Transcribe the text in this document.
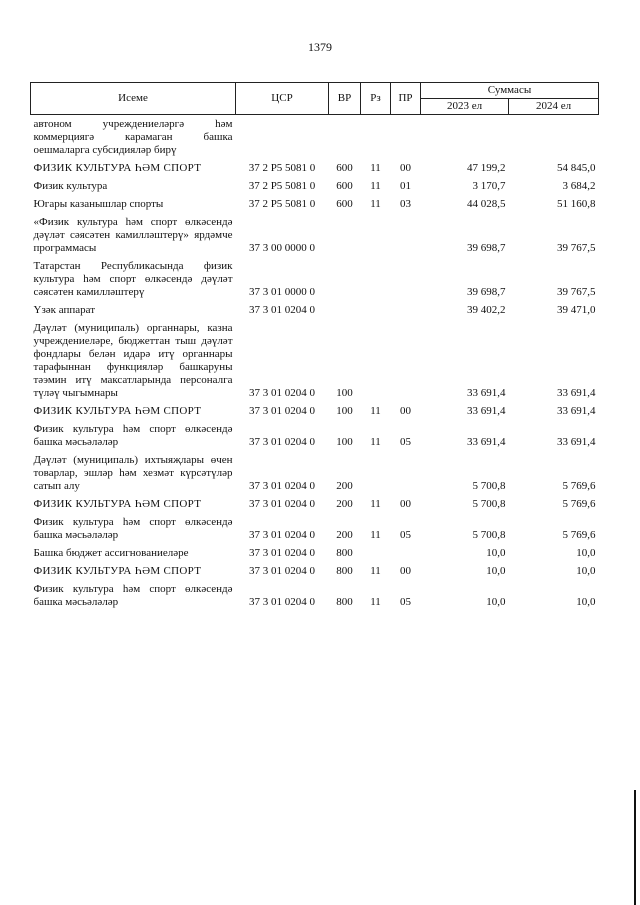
1379
Исеме	ЦСР	ВР	Рз	ПР	Суммасы	
					2023 ел	2024 ел
автоном учреждениеләргә һәм коммерциягә карамаган башка оешмаларга субсидияләр бирү						
ФИЗИК КУЛЬТУРА ҺӘМ СПОРТ	37 2 P5 5081 0	600	11	00	47 199,2	54 845,0
Физик культура	37 2 P5 5081 0	600	11	01	3 170,7	3 684,2
Югары казанышлар спорты	37 2 P5 5081 0	600	11	03	44 028,5	51 160,8
«Физик культура һәм спорт өлкәсендә дәүләт сәясәтен камилләштерү» ярдәмче программасы	37 3 00 0000 0				39 698,7	39 767,5
Татарстан Республикасында физик культура һәм спорт өлкәсендә дәүләт сәясәтен камилләштерү	37 3 01 0000 0				39 698,7	39 767,5
Үзәк аппарат	37 3 01 0204 0				39 402,2	39 471,0
Дәүләт (муниципаль) органнары, казна учреждениеләре, бюджеттан тыш дәүләт фондлары белән идарә итү органнары тарафыннан функцияләр башкаруны тәэмин итү максатларында персоналга түләү чыгымнары	37 3 01 0204 0	100			33 691,4	33 691,4
ФИЗИК КУЛЬТУРА ҺӘМ СПОРТ	37 3 01 0204 0	100	11	00	33 691,4	33 691,4
Физик культура һәм спорт өлкәсендә башка мәсьәләләр	37 3 01 0204 0	100	11	05	33 691,4	33 691,4
Дәүләт (муниципаль) ихтыяҗлары өчен товарлар, эшләр һәм хезмәт күрсәтүләр сатып алу	37 3 01 0204 0	200			5 700,8	5 769,6
ФИЗИК КУЛЬТУРА ҺӘМ СПОРТ	37 3 01 0204 0	200	11	00	5 700,8	5 769,6
Физик культура һәм спорт өлкәсендә башка мәсьәләләр	37 3 01 0204 0	200	11	05	5 700,8	5 769,6
Башка бюджет ассигнованиеләре	37 3 01 0204 0	800			10,0	10,0
ФИЗИК КУЛЬТУРА ҺӘМ СПОРТ	37 3 01 0204 0	800	11	00	10,0	10,0
Физик культура һәм спорт өлкәсендә башка мәсьәләләр	37 3 01 0204 0	800	11	05	10,0	10,0
